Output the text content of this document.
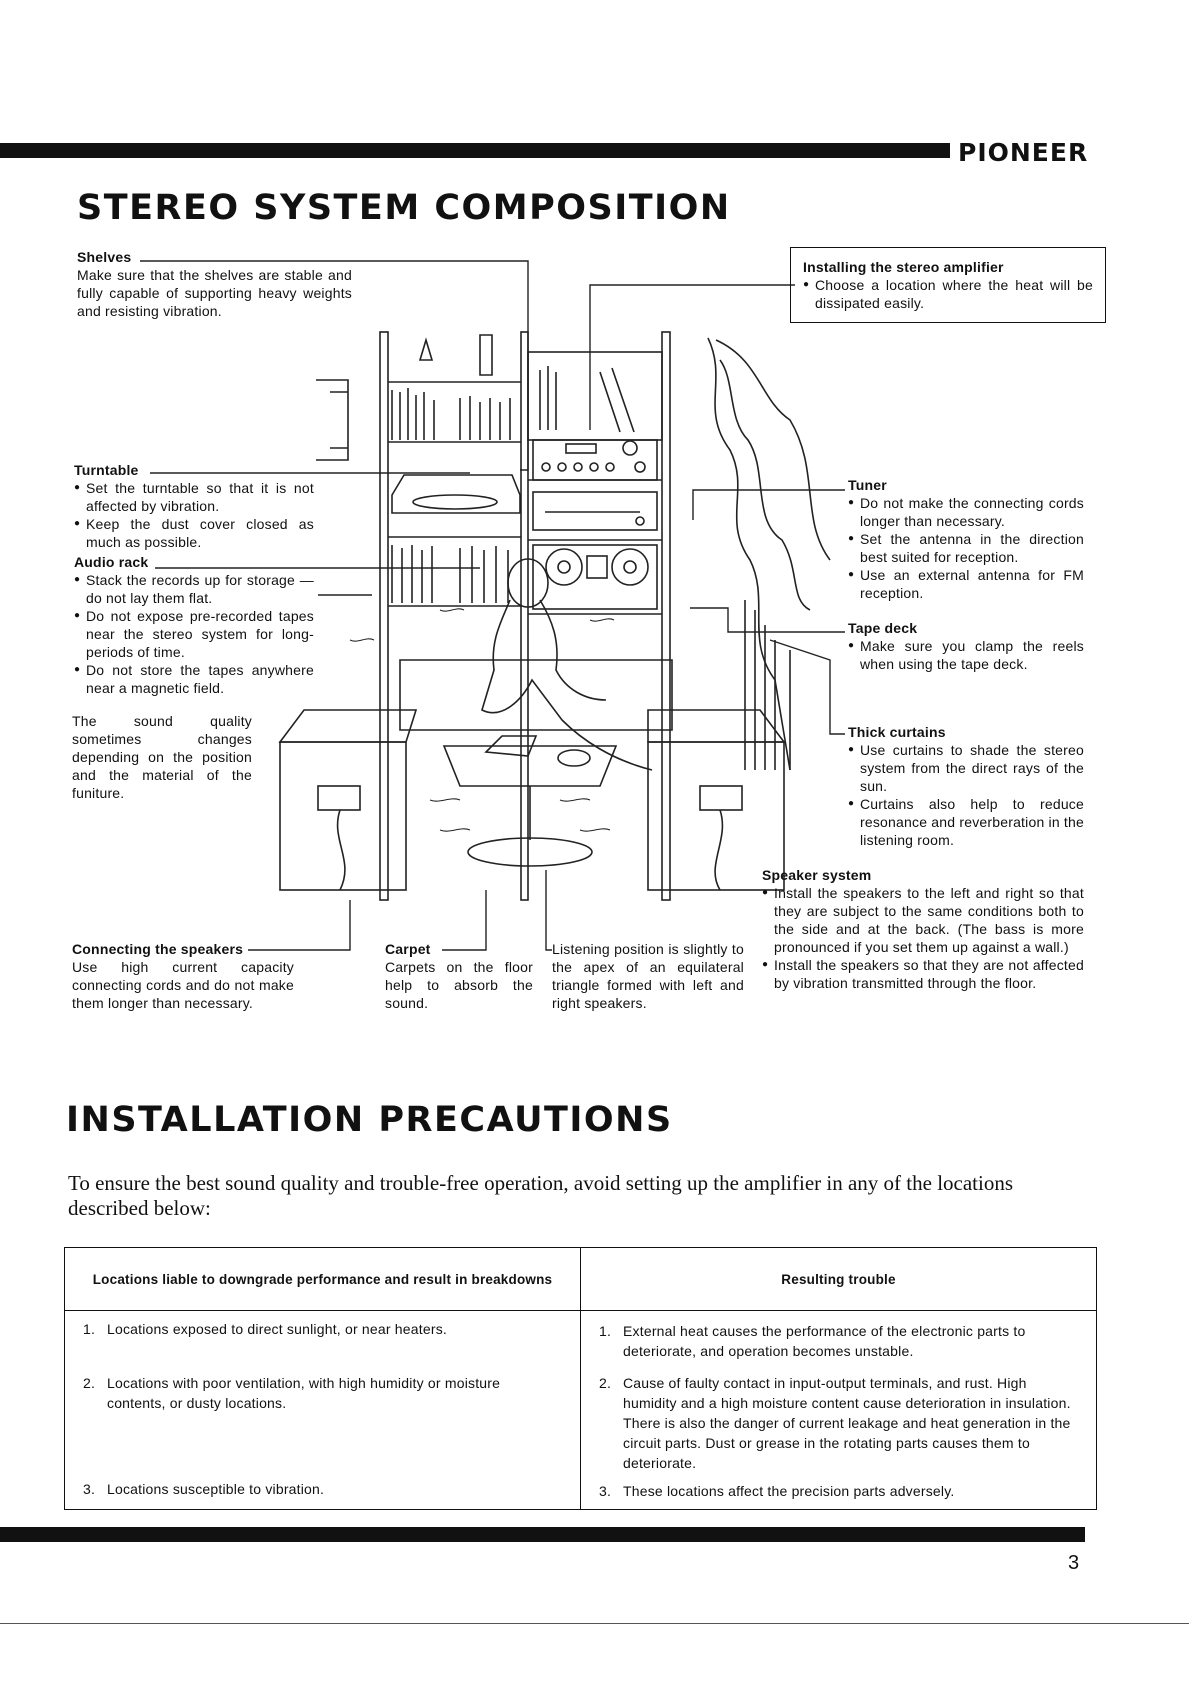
PIONEER
STEREO SYSTEM COMPOSITION
Shelves
Make sure that the shelves are stable and fully capable of supporting heavy weights and resisting vibration.
Installing the stereo amplifier
● Choose a location where the heat will be dissipated easily.
Turntable
● Set the turntable so that it is not affected by vibration.
● Keep the dust cover closed as much as possible.
Audio rack
● Stack the records up for storage — do not lay them flat.
● Do not expose pre-recorded tapes near the stereo system for long-periods of time.
● Do not store the tapes anywhere near a magnetic field.
The sound quality sometimes changes depending on the position and the material of the funiture.
Tuner
● Do not make the connecting cords longer than necessary.
● Set the antenna in the direction best suited for reception.
● Use an external antenna for FM reception.
Tape deck
● Make sure you clamp the reels when using the tape deck.
Thick curtains
● Use curtains to shade the stereo system from the direct rays of the sun.
● Curtains also help to reduce resonance and reverberation in the listening room.
Speaker system
● Install the speakers to the left and right so that they are subject to the same conditions both to the side and at the back. (The bass is more pronounced if you set them up against a wall.)
● Install the speakers so that they are not affected by vibration transmitted through the floor.
Connecting the speakers
Use high current capacity connecting cords and do not make them longer than necessary.
Carpet
Carpets on the floor help to absorb the sound.
Listening position is slightly to the apex of an equilateral triangle formed with left and right speakers.
INSTALLATION PRECAUTIONS
To ensure the best sound quality and trouble-free operation, avoid setting up the amplifier in any of the locations described below:
Locations liable to downgrade performance and result in breakdowns	Resulting trouble

1. Locations exposed to direct sunlight, or near heaters.	1. External heat causes the performance of the electronic parts to deteriorate, and operation becomes unstable.

2. Locations with poor ventilation, with high humidity or moisture contents, or dusty locations.	2. Cause of faulty contact in input-output terminals, and rust. High humidity and a high moisture content cause deterioration in insulation. There is also the danger of current leakage and heat generation in the circuit parts. Dust or grease in the rotating parts causes them to deteriorate.

3. Locations susceptible to vibration.	3. These locations affect the precision parts adversely.
3
